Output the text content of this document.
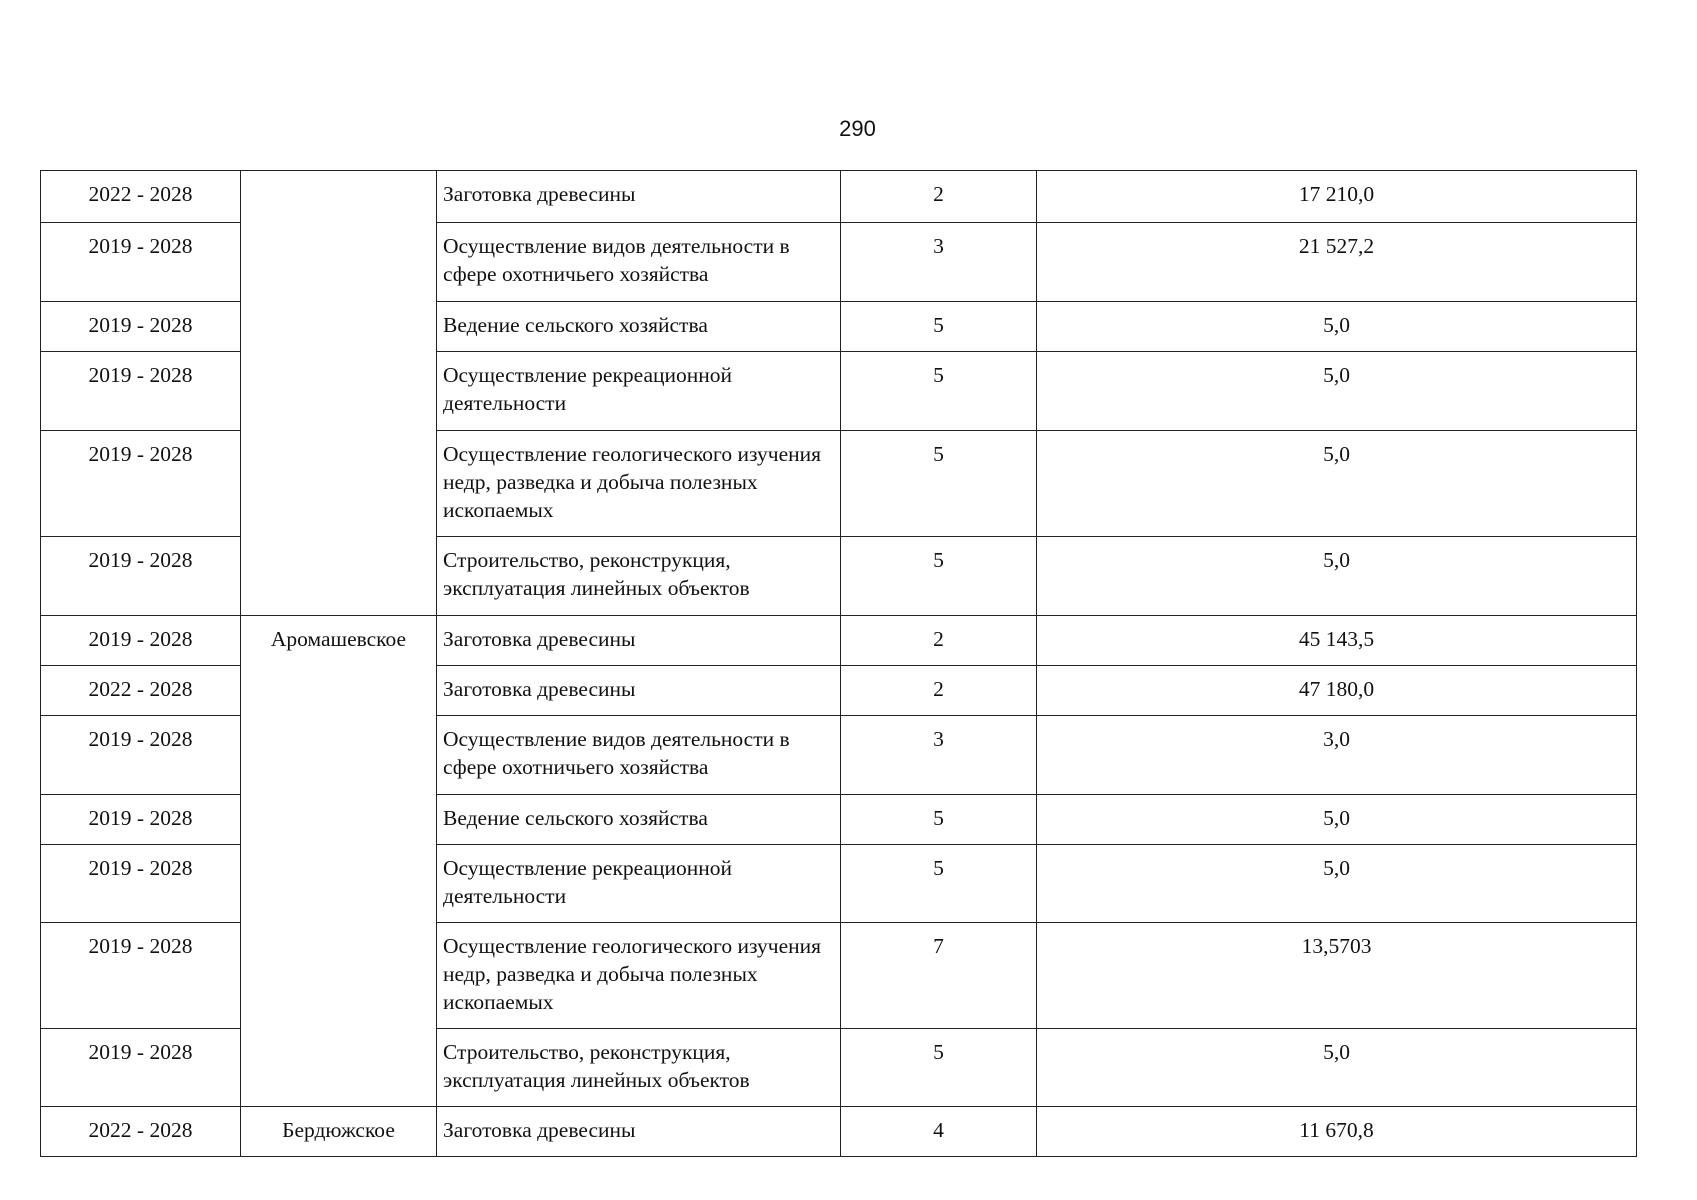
290
2022 - 2028		Заготовка древесины	2	17 210,0
2019 - 2028		Осуществление видов деятельности в сфере охотничьего хозяйства	3	21 527,2
2019 - 2028		Ведение сельского хозяйства	5	5,0
2019 - 2028		Осуществление рекреационной деятельности	5	5,0
2019 - 2028		Осуществление геологического изучения недр, разведка и добыча полезных ископаемых	5	5,0
2019 - 2028		Строительство, реконструкция, эксплуатация линейных объектов	5	5,0
2019 - 2028	Аромашевское	Заготовка древесины	2	45 143,5
2022 - 2028		Заготовка древесины	2	47 180,0
2019 - 2028		Осуществление видов деятельности в сфере охотничьего хозяйства	3	3,0
2019 - 2028		Ведение сельского хозяйства	5	5,0
2019 - 2028		Осуществление рекреационной деятельности	5	5,0
2019 - 2028		Осуществление геологического изучения недр, разведка и добыча полезных ископаемых	7	13,5703
2019 - 2028		Строительство, реконструкция, эксплуатация линейных объектов	5	5,0
2022 - 2028	Бердюжское	Заготовка древесины	4	11 670,8
